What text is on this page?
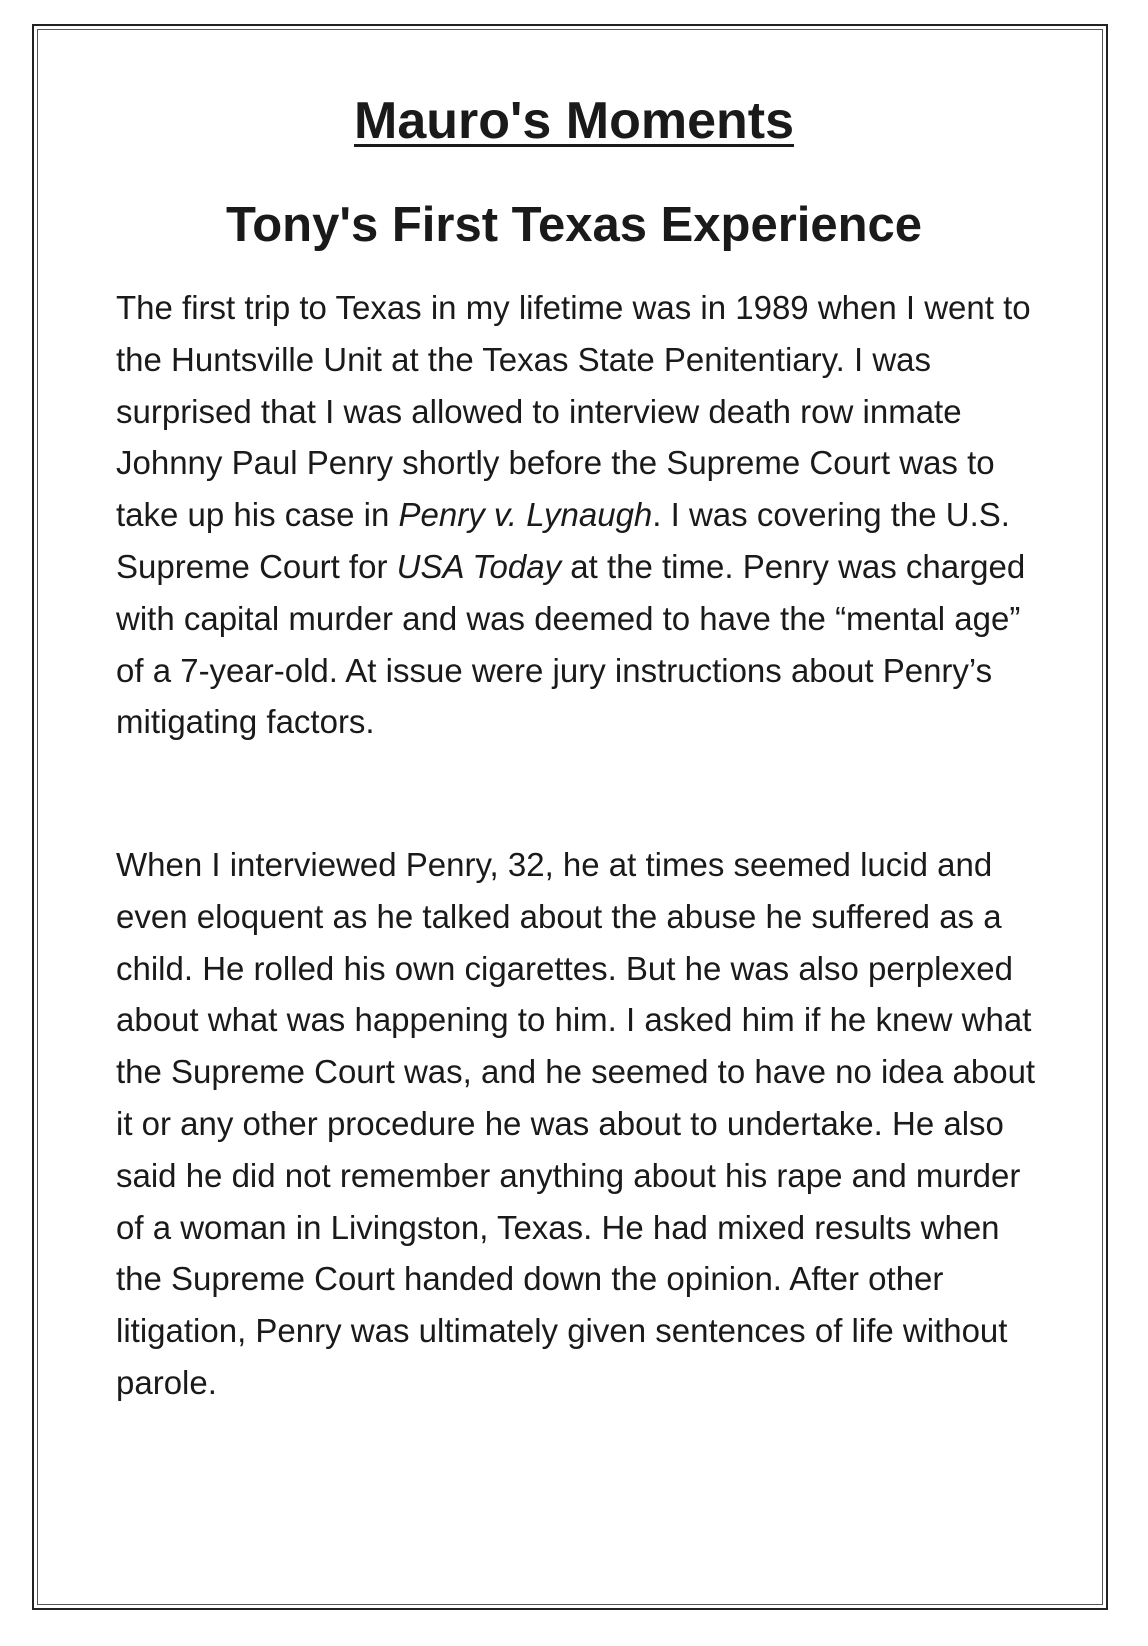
Mauro's Moments
Tony's First Texas Experience

The first trip to Texas in my lifetime was in 1989 when I went to the Huntsville Unit at the Texas State Penitentiary. I was surprised that I was allowed to interview death row inmate Johnny Paul Penry shortly before the Supreme Court was to take up his case in Penry v. Lynaugh. I was covering the U.S. Supreme Court for USA Today at the time. Penry was charged with capital murder and was deemed to have the “mental age” of a 7-year-old. At issue were jury instructions about Penry’s mitigating factors.

When I interviewed Penry, 32, he at times seemed lucid and even eloquent as he talked about the abuse he suffered as a child. He rolled his own cigarettes. But he was also perplexed about what was happening to him. I asked him if he knew what the Supreme Court was, and he seemed to have no idea about it or any other procedure he was about to undertake. He also said he did not remember anything about his rape and murder of a woman in Livingston, Texas. He had mixed results when the Supreme Court handed down the opinion. After other litigation, Penry was ultimately given sentences of life without parole.
